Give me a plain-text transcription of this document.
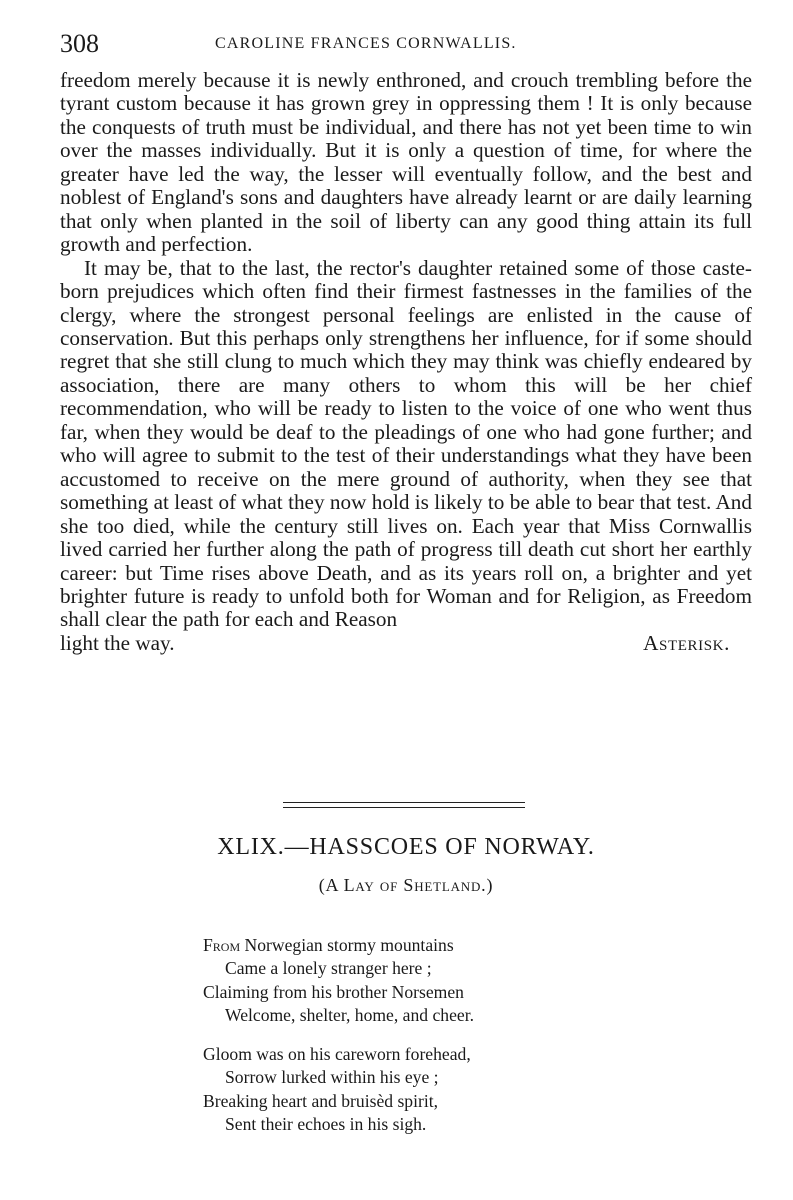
308	CAROLINE FRANCES CORNWALLIS.

freedom merely because it is newly enthroned, and crouch trembling before the tyrant custom because it has grown grey in oppressing them ! It is only because the conquests of truth must be individual, and there has not yet been time to win over the masses individually. But it is only a question of time, for where the greater have led the way, the lesser will eventually follow, and the best and noblest of England's sons and daughters have already learnt or are daily learning that only when planted in the soil of liberty can any good thing attain its full growth and perfection.

It may be, that to the last, the rector's daughter retained some of those caste-born prejudices which often find their firmest fastnesses in the families of the clergy, where the strongest personal feelings are enlisted in the cause of conservation. But this perhaps only strengthens her influence, for if some should regret that she still clung to much which they may think was chiefly endeared by association, there are many others to whom this will be her chief recommendation, who will be ready to listen to the voice of one who went thus far, when they would be deaf to the pleadings of one who had gone further; and who will agree to submit to the test of their understandings what they have been accustomed to receive on the mere ground of authority, when they see that something at least of what they now hold is likely to be able to bear that test. And she too died, while the century still lives on. Each year that Miss Cornwallis lived carried her further along the path of progress till death cut short her earthly career: but Time rises above Death, and as its years roll on, a brighter and yet brighter future is ready to unfold both for Woman and for Religion, as Freedom shall clear the path for each and Reason

light the way.	Asterisk.
XLIX.—HASSCOES OF NORWAY.
(A Lay of Shetland.)
From Norwegian stormy mountains
Came a lonely stranger here ;
Claiming from his brother Norsemen
Welcome, shelter, home, and cheer.
Gloom was on his careworn forehead,
Sorrow lurked within his eye ;
Breaking heart and bruisèd spirit,
Sent their echoes in his sigh.
